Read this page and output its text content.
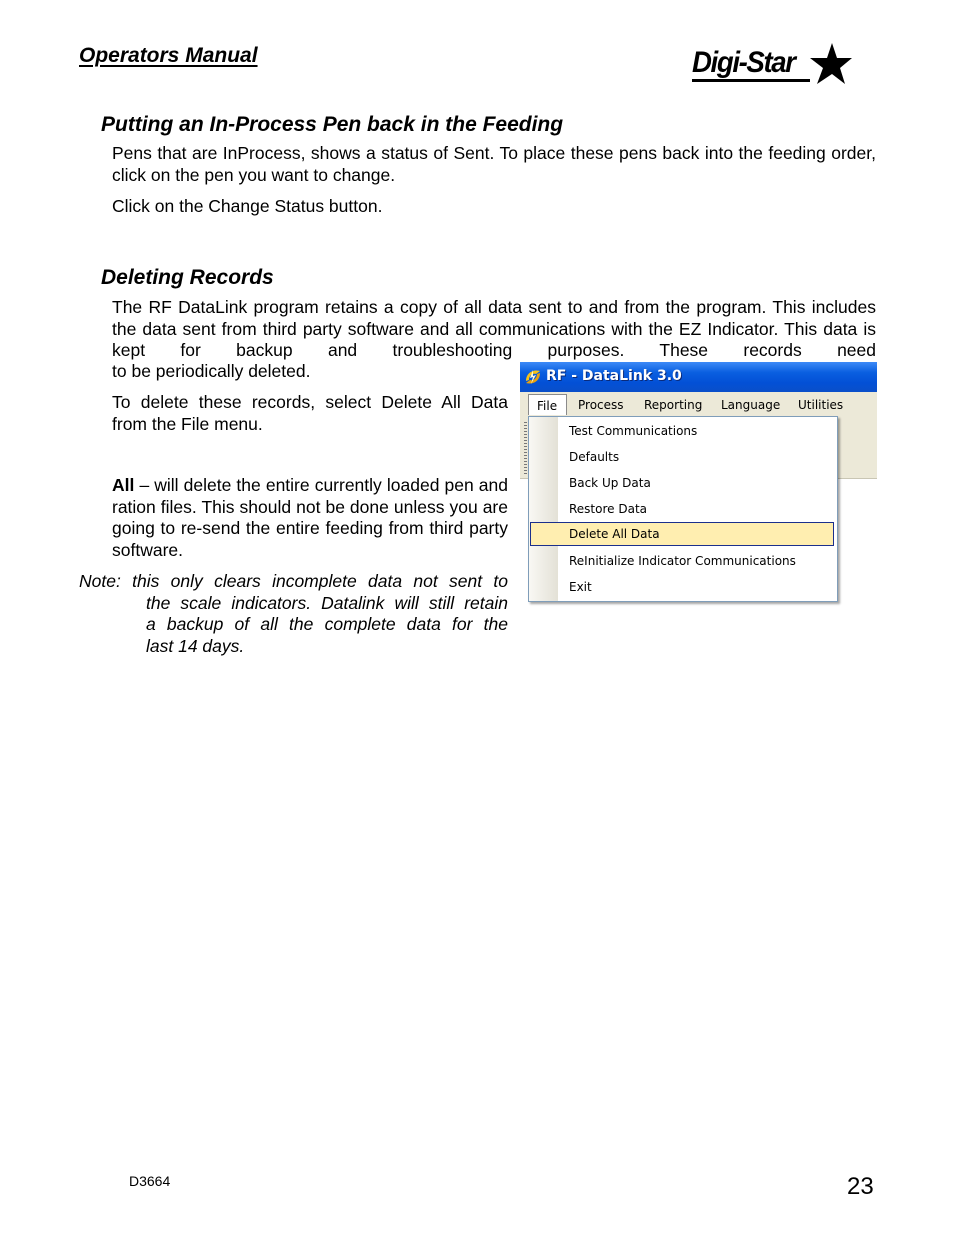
Operators Manual	Digi-Star
Putting an In-Process Pen back in the Feeding

Pens that are InProcess, shows a status of Sent. To place these pens back into the feeding order, click on the pen you want to change.

Click on the Change Status button.

Deleting Records

The RF DataLink program retains a copy of all data sent to and from the program. This includes the data sent from third party software and all communications with the EZ Indicator. This data is kept for backup and troubleshooting purposes. These records need

to be periodically deleted.

To delete these records, select Delete All Data from the File menu.

All – will delete the entire currently loaded pen and ration files. This should not be done unless you are going to re-send the entire feeding from third party software.

Note: this only clears incomplete data not sent to
the scale indicators. Datalink will still retain
a backup of all the complete data for the
last 14 days.
RF - DataLink 3.0
File	Process Reporting Language Utilities
Test Communications
Defaults
Back Up Data
Restore Data
Delete All Data
ReInitialize Indicator Communications
Exit
D3664	23
